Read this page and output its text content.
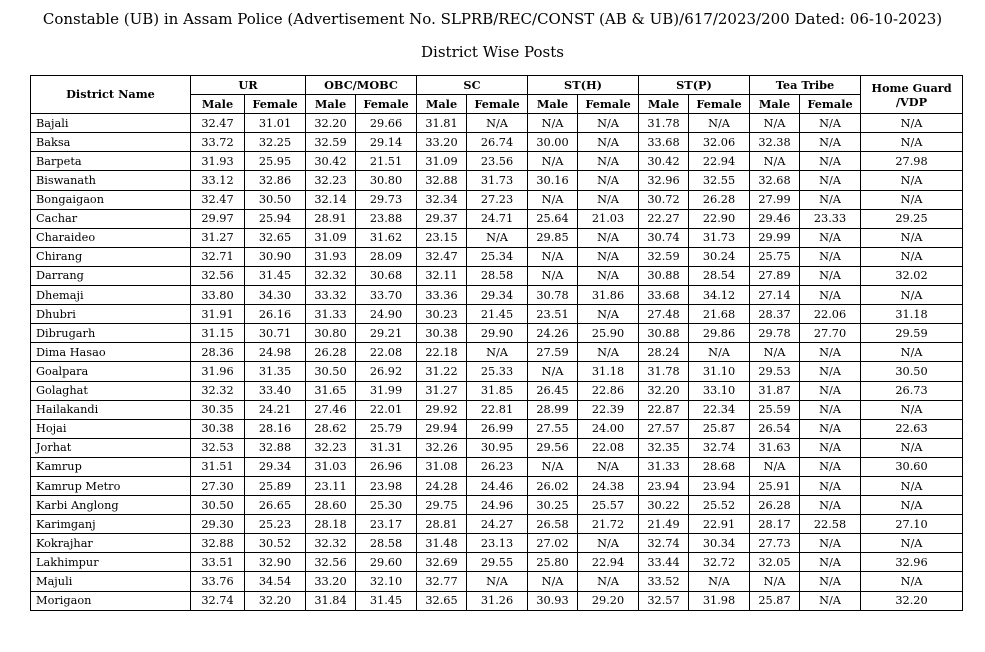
Constable (UB) in Assam Police (Advertisement No. SLPRB/REC/CONST (AB & UB)/617/2023/200 Dated: 06-10-2023)
District Wise Posts
District Name	UR		OBC/MOBC		SC		ST(H)		ST(P)		Tea Tribe		Home Guard
/VDP
	Male	Female	Male	Female	Male	Female	Male	Female	Male	Female	Male	Female	
Bajali	32.47	31.01	32.20	29.66	31.81	N/A	N/A	N/A	31.78	N/A	N/A	N/A	N/A
Baksa	33.72	32.25	32.59	29.14	33.20	26.74	30.00	N/A	33.68	32.06	32.38	N/A	N/A
Barpeta	31.93	25.95	30.42	21.51	31.09	23.56	N/A	N/A	30.42	22.94	N/A	N/A	27.98
Biswanath	33.12	32.86	32.23	30.80	32.88	31.73	30.16	N/A	32.96	32.55	32.68	N/A	N/A
Bongaigaon	32.47	30.50	32.14	29.73	32.34	27.23	N/A	N/A	30.72	26.28	27.99	N/A	N/A
Cachar	29.97	25.94	28.91	23.88	29.37	24.71	25.64	21.03	22.27	22.90	29.46	23.33	29.25
Charaideo	31.27	32.65	31.09	31.62	23.15	N/A	29.85	N/A	30.74	31.73	29.99	N/A	N/A
Chirang	32.71	30.90	31.93	28.09	32.47	25.34	N/A	N/A	32.59	30.24	25.75	N/A	N/A
Darrang	32.56	31.45	32.32	30.68	32.11	28.58	N/A	N/A	30.88	28.54	27.89	N/A	32.02
Dhemaji	33.80	34.30	33.32	33.70	33.36	29.34	30.78	31.86	33.68	34.12	27.14	N/A	N/A
Dhubri	31.91	26.16	31.33	24.90	30.23	21.45	23.51	N/A	27.48	21.68	28.37	22.06	31.18
Dibrugarh	31.15	30.71	30.80	29.21	30.38	29.90	24.26	25.90	30.88	29.86	29.78	27.70	29.59
Dima Hasao	28.36	24.98	26.28	22.08	22.18	N/A	27.59	N/A	28.24	N/A	N/A	N/A	N/A
Goalpara	31.96	31.35	30.50	26.92	31.22	25.33	N/A	31.18	31.78	31.10	29.53	N/A	30.50
Golaghat	32.32	33.40	31.65	31.99	31.27	31.85	26.45	22.86	32.20	33.10	31.87	N/A	26.73
Hailakandi	30.35	24.21	27.46	22.01	29.92	22.81	28.99	22.39	22.87	22.34	25.59	N/A	N/A
Hojai	30.38	28.16	28.62	25.79	29.94	26.99	27.55	24.00	27.57	25.87	26.54	N/A	22.63
Jorhat	32.53	32.88	32.23	31.31	32.26	30.95	29.56	22.08	32.35	32.74	31.63	N/A	N/A
Kamrup	31.51	29.34	31.03	26.96	31.08	26.23	N/A	N/A	31.33	28.68	N/A	N/A	30.60
Kamrup Metro	27.30	25.89	23.11	23.98	24.28	24.46	26.02	24.38	23.94	23.94	25.91	N/A	N/A
Karbi Anglong	30.50	26.65	28.60	25.30	29.75	24.96	30.25	25.57	30.22	25.52	26.28	N/A	N/A
Karimganj	29.30	25.23	28.18	23.17	28.81	24.27	26.58	21.72	21.49	22.91	28.17	22.58	27.10
Kokrajhar	32.88	30.52	32.32	28.58	31.48	23.13	27.02	N/A	32.74	30.34	27.73	N/A	N/A
Lakhimpur	33.51	32.90	32.56	29.60	32.69	29.55	25.80	22.94	33.44	32.72	32.05	N/A	32.96
Majuli	33.76	34.54	33.20	32.10	32.77	N/A	N/A	N/A	33.52	N/A	N/A	N/A	N/A
Morigaon	32.74	32.20	31.84	31.45	32.65	31.26	30.93	29.20	32.57	31.98	25.87	N/A	32.20
